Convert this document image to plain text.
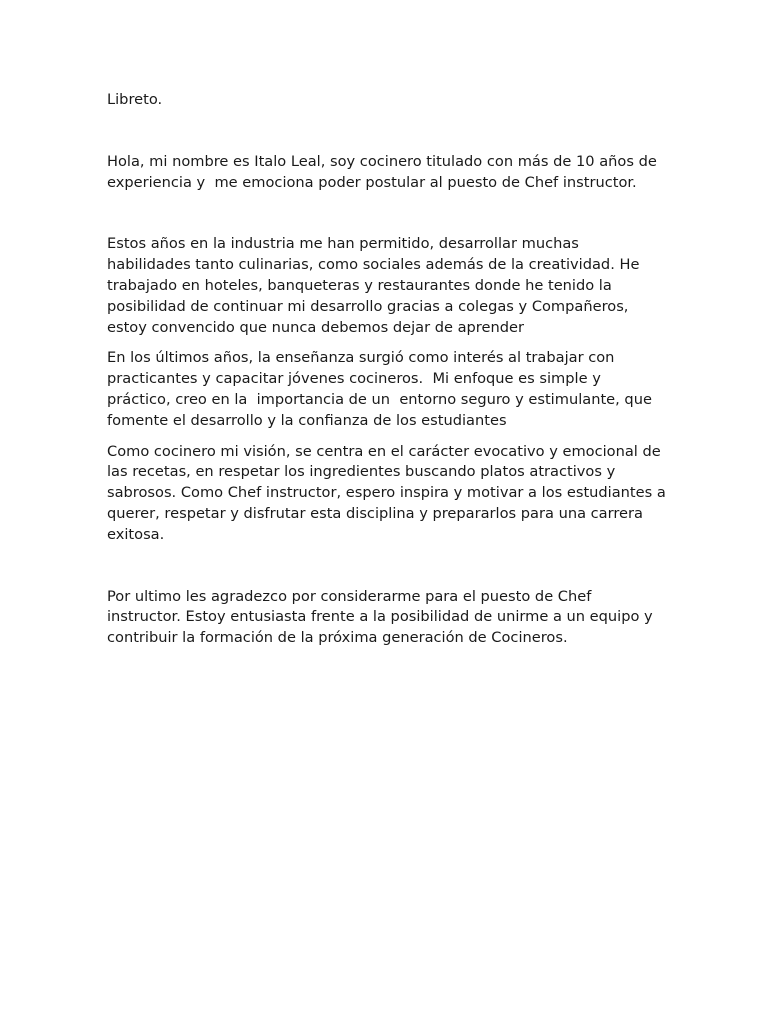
Libreto.

Hola, mi nombre es Italo Leal, soy cocinero titulado con más de 10 años de experiencia y  me emociona poder postular al puesto de Chef instructor.

Estos años en la industria me han permitido, desarrollar muchas habilidades tanto culinarias, como sociales además de la creatividad. He trabajado en hoteles, banqueteras y restaurantes donde he tenido la posibilidad de continuar mi desarrollo gracias a colegas y Compañeros, estoy convencido que nunca debemos dejar de aprender

En los últimos años, la enseñanza surgió como interés al trabajar con practicantes y capacitar jóvenes cocineros.  Mi enfoque es simple y práctico, creo en la  importancia de un  entorno seguro y estimulante, que fomente el desarrollo y la confianza de los estudiantes

Como cocinero mi visión, se centra en el carácter evocativo y emocional de las recetas, en respetar los ingredientes buscando platos atractivos y sabrosos. Como Chef instructor, espero inspira y motivar a los estudiantes a querer, respetar y disfrutar esta disciplina y prepararlos para una carrera exitosa.

Por ultimo les agradezco por considerarme para el puesto de Chef instructor. Estoy entusiasta frente a la posibilidad de unirme a un equipo y contribuir la formación de la próxima generación de Cocineros.
